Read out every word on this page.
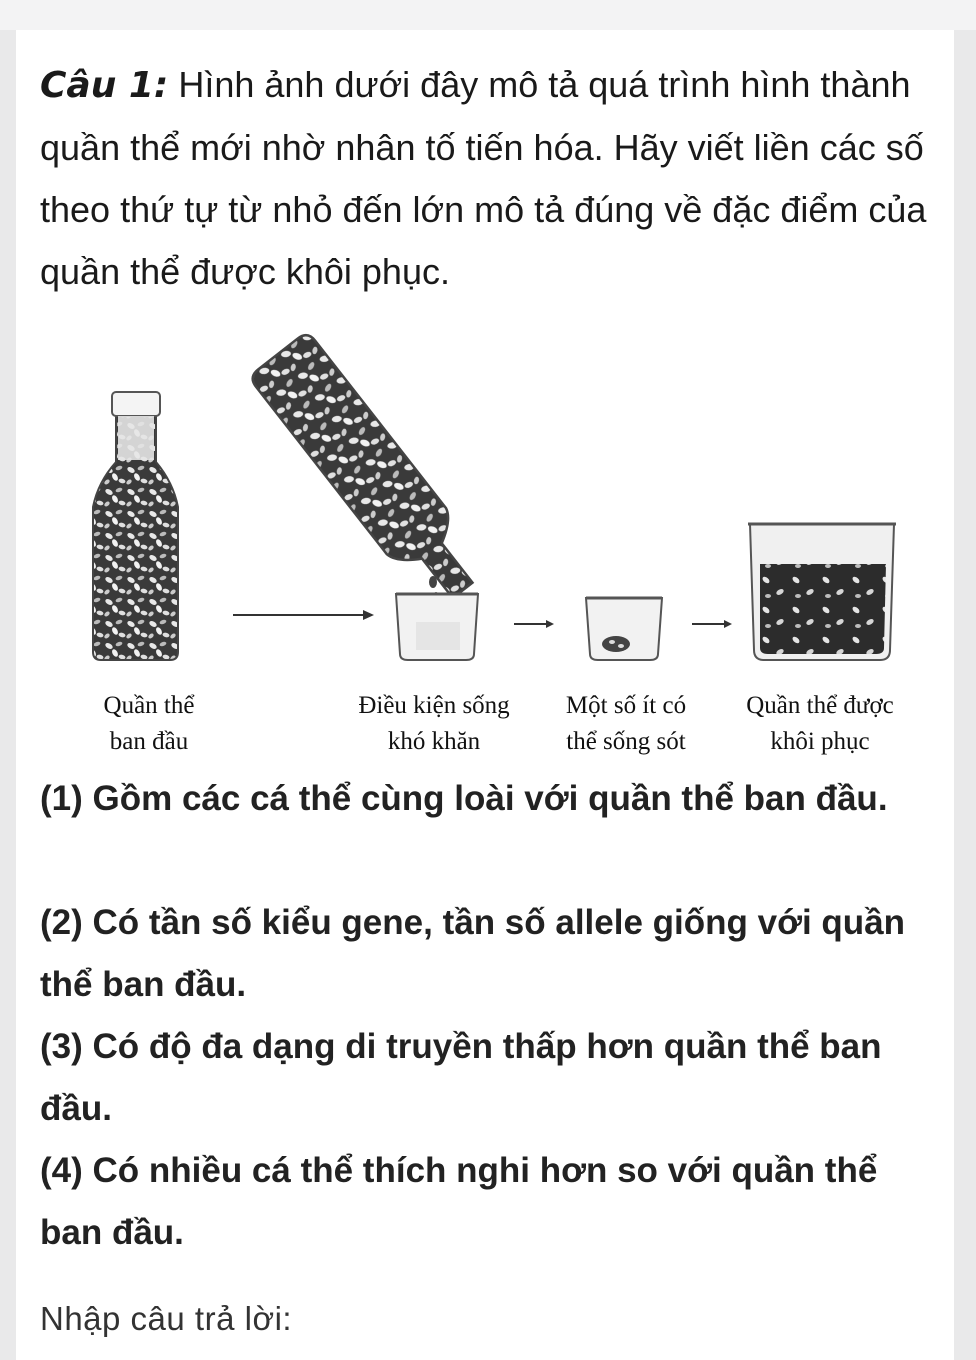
Câu 1: Hình ảnh dưới đây mô tả quá trình hình thành quần thể mới nhờ nhân tố tiến hóa. Hãy viết liền các số theo thứ tự từ nhỏ đến lớn mô tả đúng về đặc điểm của quần thể được khôi phục.
Quần thể
ban đầu
Điều kiện sống
khó khăn
Một số ít có
thể sống sót
Quần thể được
khôi phục
(1) Gồm các cá thể cùng loài với quần thể ban đầu.
(2) Có tần số kiểu gene, tần số allele giống với quần thể ban đầu.
(3) Có độ đa dạng di truyền thấp hơn quần thể ban đầu.
(4) Có nhiều cá thể thích nghi hơn so với quần thể ban đầu.
Nhập câu trả lời:
